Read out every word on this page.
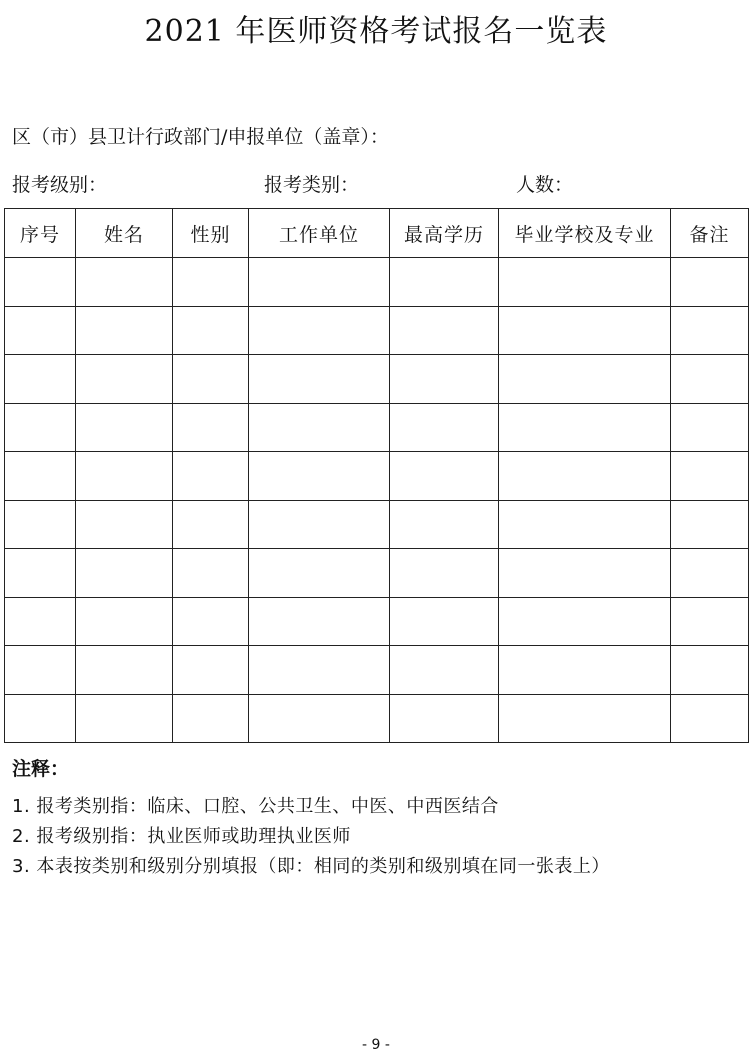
2021 年医师资格考试报名一览表
区（市）县卫计行政部门/申报单位（盖章）：
报考级别：	报考类别：	人数：
序号	姓名	性别	工作单位	最高学历	毕业学校及专业	备注

注释：
1. 报考类别指：临床、口腔、公共卫生、中医、中西医结合
2. 报考级别指：执业医师或助理执业医师
3. 本表按类别和级别分别填报（即：相同的类别和级别填在同一张表上）
- 9 -
